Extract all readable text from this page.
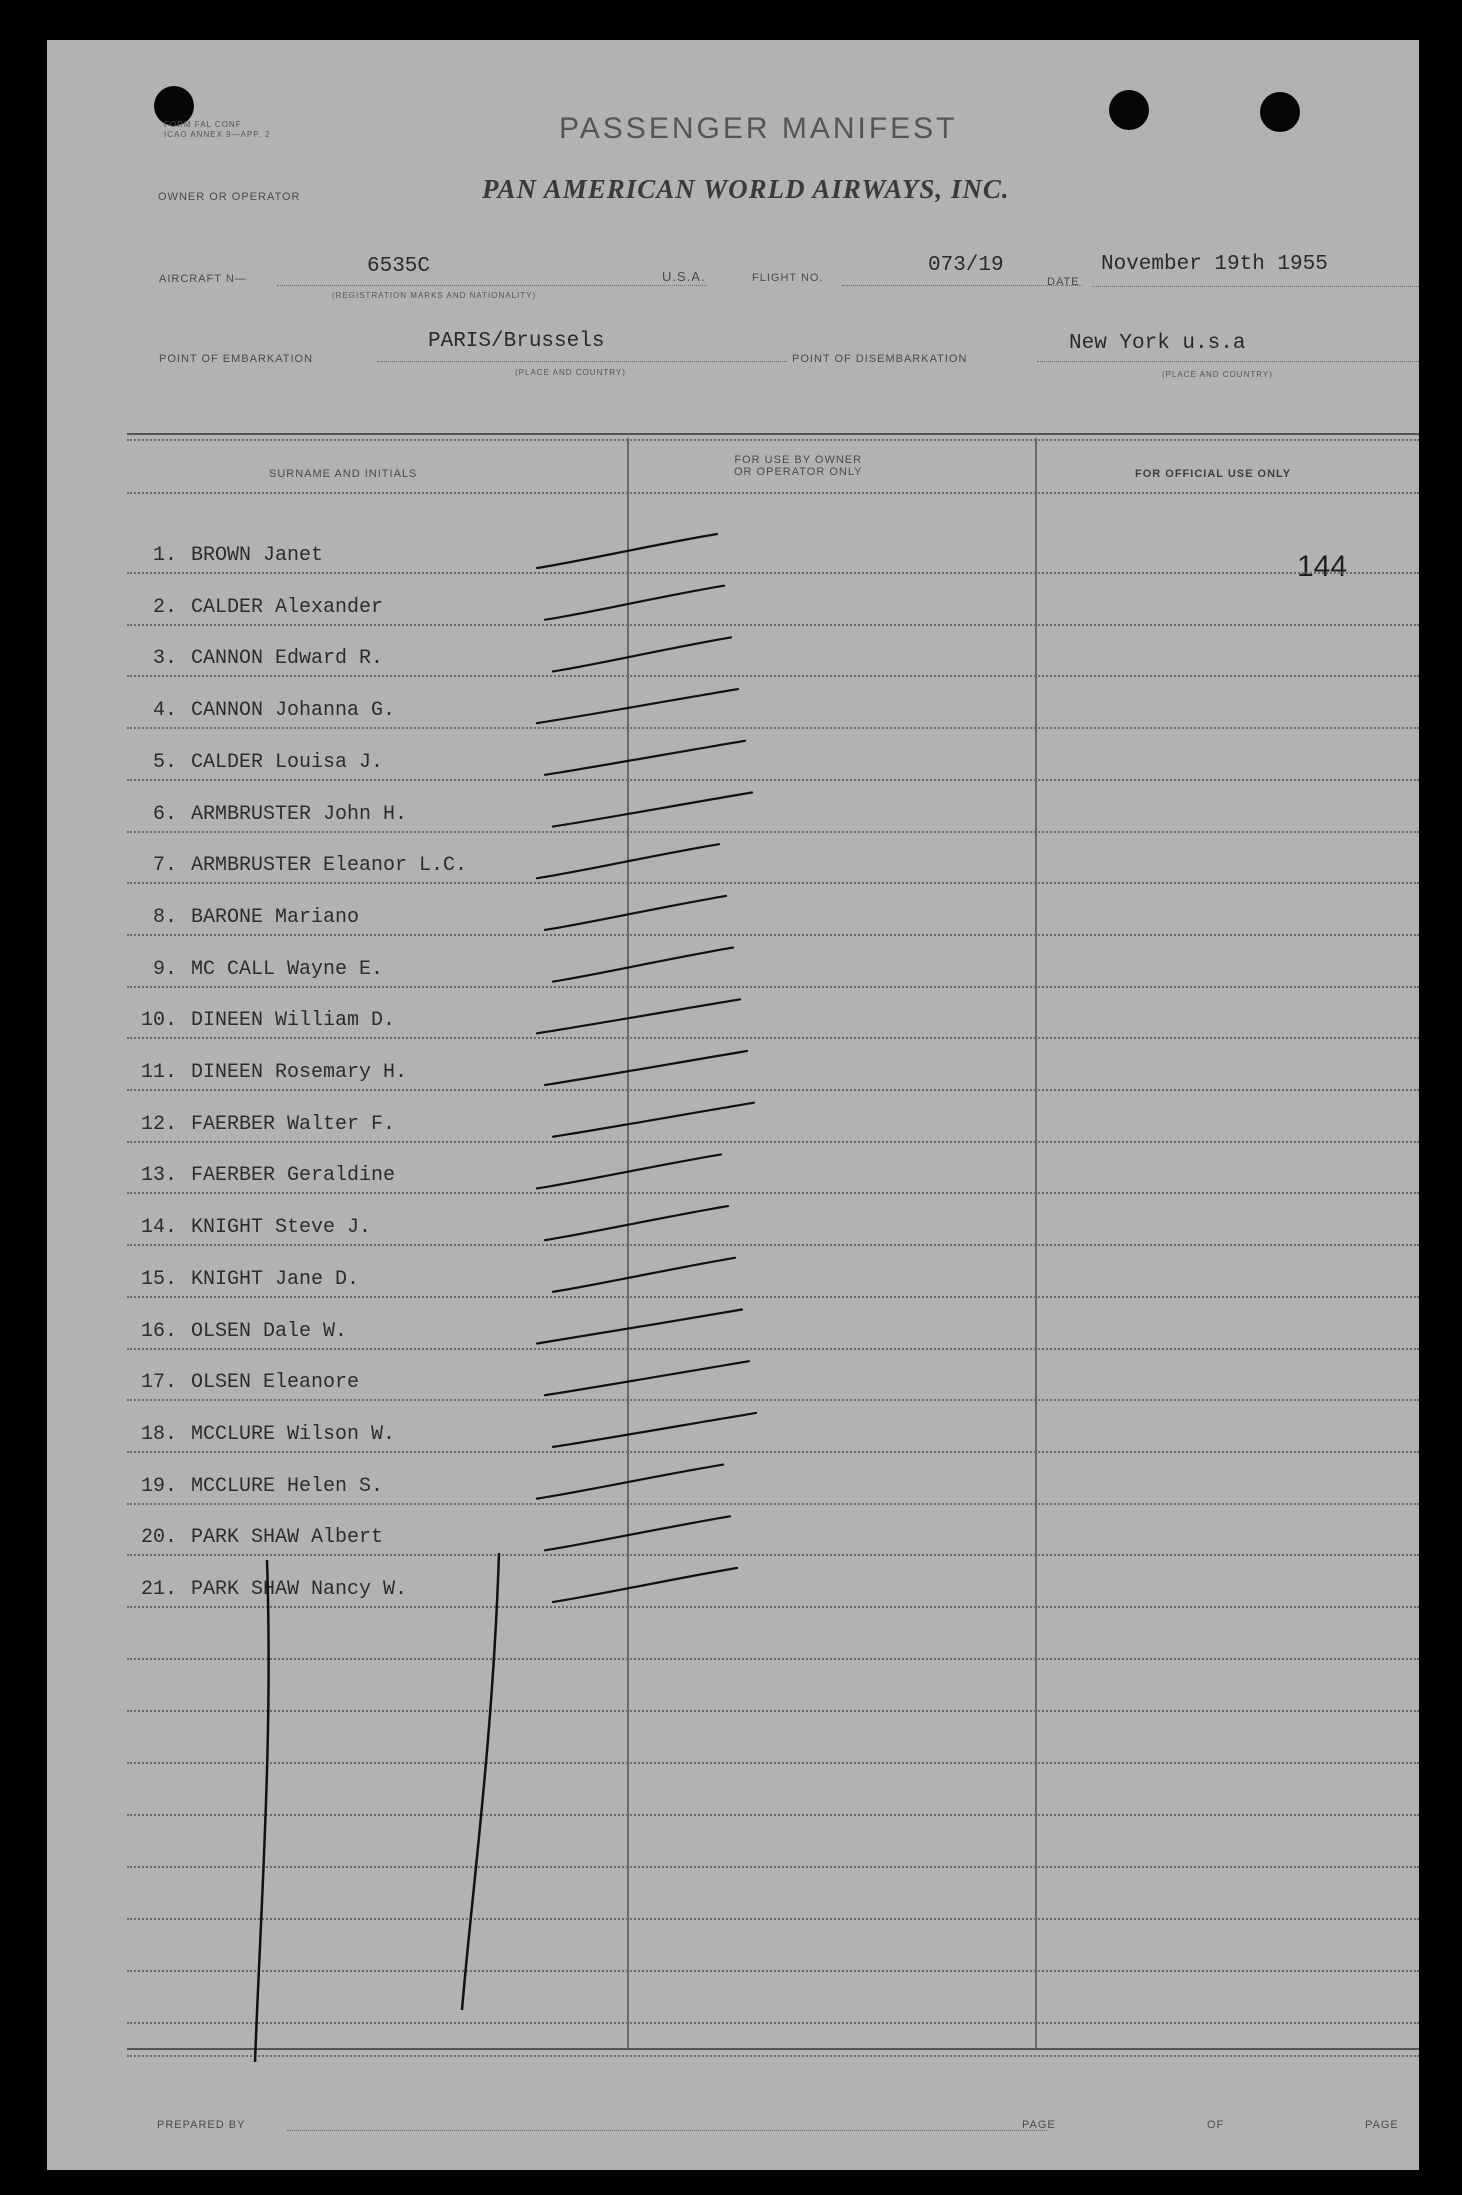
FORM FAL CONF
ICAO ANNEX 9—APP. 2	PASSENGER MANIFEST
OWNER OR OPERATOR	PAN AMERICAN WORLD AIRWAYS, INC.
AIRCRAFT N—
6535C
(REGISTRATION MARKS AND NATIONALITY)
U.S.A.	FLIGHT NO.
073/19
DATE
November 19th 1955
POINT OF EMBARKATION
PARIS/Brussels
(PLACE AND COUNTRY)
POINT OF DISEMBARKATION
New York u.s.a
(PLACE AND COUNTRY)
SURNAME AND INITIALS
FOR USE BY OWNER
OR OPERATOR ONLY	FOR OFFICIAL USE ONLY
144
1. BROWN Janet
2. CALDER Alexander
3. CANNON Edward R.
4. CANNON Johanna G.
5. CALDER Louisa J.
6. ARMBRUSTER John H.
7. ARMBRUSTER Eleanor L.C.
8. BARONE Mariano
9. MC CALL Wayne E.
10. DINEEN William D.
11. DINEEN Rosemary H.
12. FAERBER Walter F.
13. FAERBER Geraldine
14. KNIGHT Steve J.
15. KNIGHT Jane D.
16. OLSEN Dale W.
17. OLSEN Eleanore
18. MCCLURE Wilson W.
19. MCCLURE Helen S.
20. PARK SHAW Albert
21. PARK SHAW Nancy W.
PREPARED BY	PAGE	OF	PAGE
